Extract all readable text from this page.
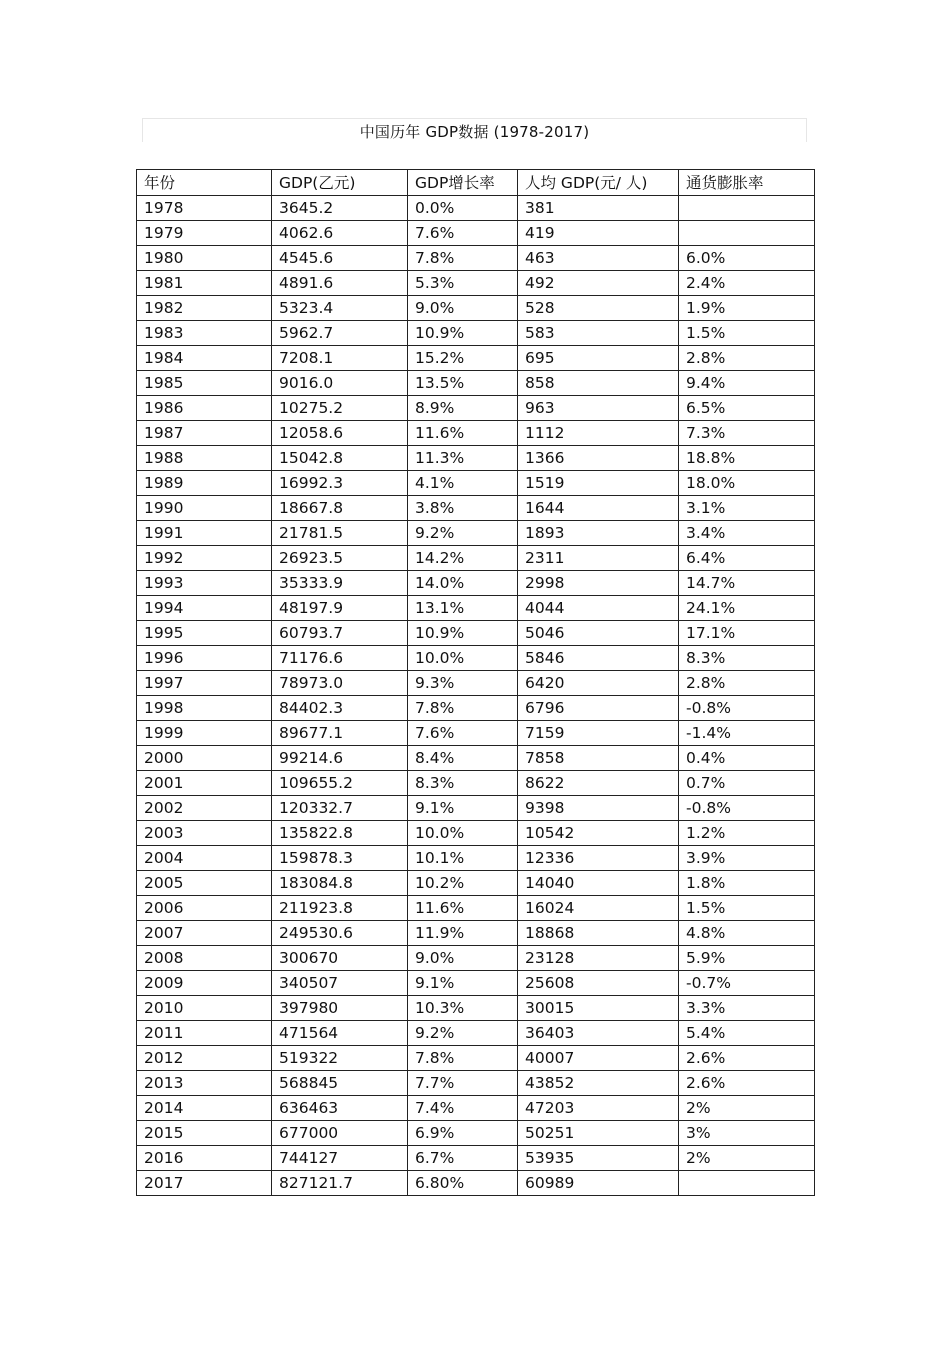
中国历年 GDP数据 (1978-2017)
年份	GDP(乙元)	GDP增长率	人均 GDP(元/ 人)	通货膨胀率
1978	3645.2	0.0%	381	
1979	4062.6	7.6%	419	
1980	4545.6	7.8%	463	6.0%
1981	4891.6	5.3%	492	2.4%
1982	5323.4	9.0%	528	1.9%
1983	5962.7	10.9%	583	1.5%
1984	7208.1	15.2%	695	2.8%
1985	9016.0	13.5%	858	9.4%
1986	10275.2	8.9%	963	6.5%
1987	12058.6	11.6%	1112	7.3%
1988	15042.8	11.3%	1366	18.8%
1989	16992.3	4.1%	1519	18.0%
1990	18667.8	3.8%	1644	3.1%
1991	21781.5	9.2%	1893	3.4%
1992	26923.5	14.2%	2311	6.4%
1993	35333.9	14.0%	2998	14.7%
1994	48197.9	13.1%	4044	24.1%
1995	60793.7	10.9%	5046	17.1%
1996	71176.6	10.0%	5846	8.3%
1997	78973.0	9.3%	6420	2.8%
1998	84402.3	7.8%	6796	-0.8%
1999	89677.1	7.6%	7159	-1.4%
2000	99214.6	8.4%	7858	0.4%
2001	109655.2	8.3%	8622	0.7%
2002	120332.7	9.1%	9398	-0.8%
2003	135822.8	10.0%	10542	1.2%
2004	159878.3	10.1%	12336	3.9%
2005	183084.8	10.2%	14040	1.8%
2006	211923.8	11.6%	16024	1.5%
2007	249530.6	11.9%	18868	4.8%
2008	300670	9.0%	23128	5.9%
2009	340507	9.1%	25608	-0.7%
2010	397980	10.3%	30015	3.3%
2011	471564	9.2%	36403	5.4%
2012	519322	7.8%	40007	2.6%
2013	568845	7.7%	43852	2.6%
2014	636463	7.4%	47203	2%
2015	677000	6.9%	50251	3%
2016	744127	6.7%	53935	2%
2017	827121.7	6.80%	60989	
